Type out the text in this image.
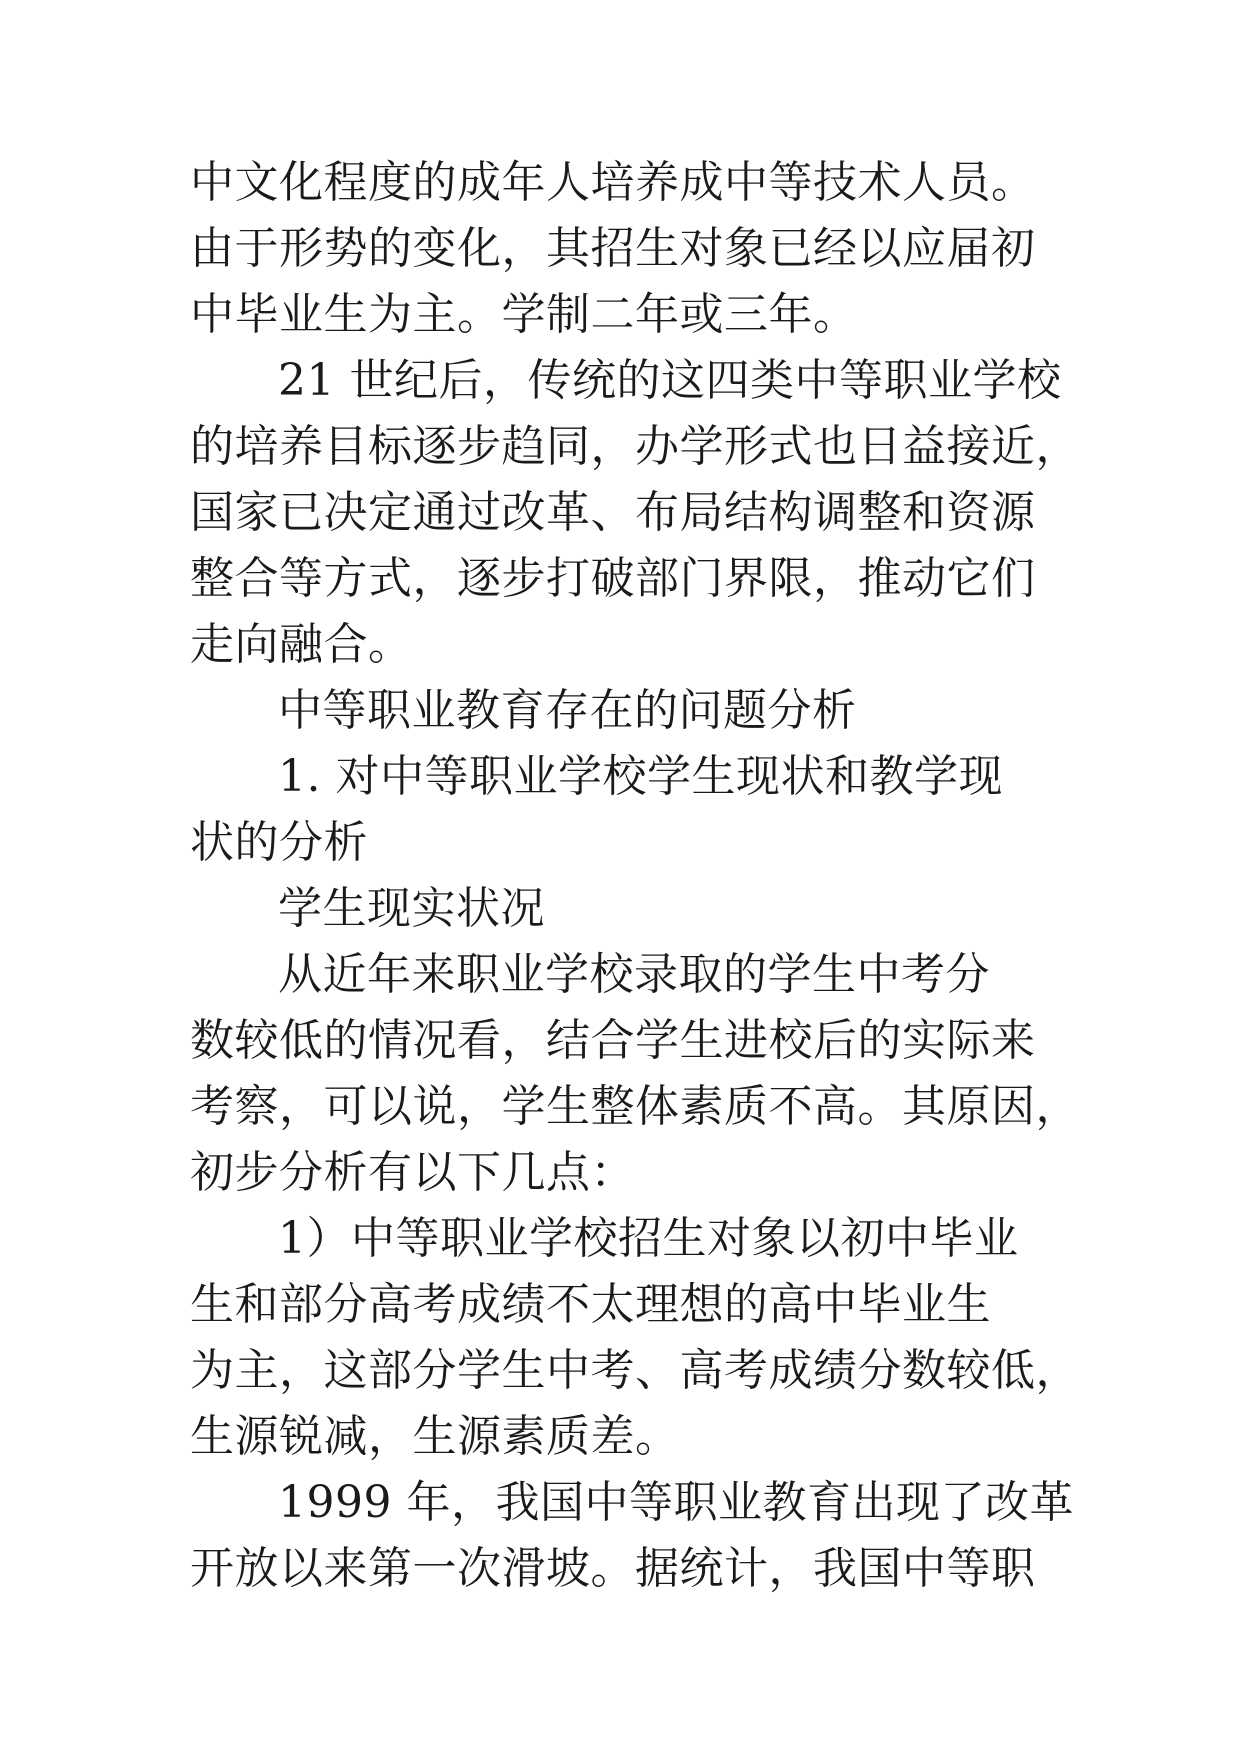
中文化程度的成年人培养成中等技术人员。
由于形势的变化，其招生对象已经以应届初
中毕业生为主。学制二年或三年。
21 世纪后，传统的这四类中等职业学校
的培养目标逐步趋同，办学形式也日益接近，
国家已决定通过改革、布局结构调整和资源
整合等方式，逐步打破部门界限，推动它们
走向融合。
中等职业教育存在的问题分析
1. 对中等职业学校学生现状和教学现
状的分析
学生现实状况
从近年来职业学校录取的学生中考分
数较低的情况看，结合学生进校后的实际来
考察，可以说，学生整体素质不高。其原因，
初步分析有以下几点：
1）中等职业学校招生对象以初中毕业
生和部分高考成绩不太理想的高中毕业生
为主，这部分学生中考、高考成绩分数较低，
生源锐减，生源素质差。
1999 年，我国中等职业教育出现了改革
开放以来第一次滑坡。据统计，我国中等职
